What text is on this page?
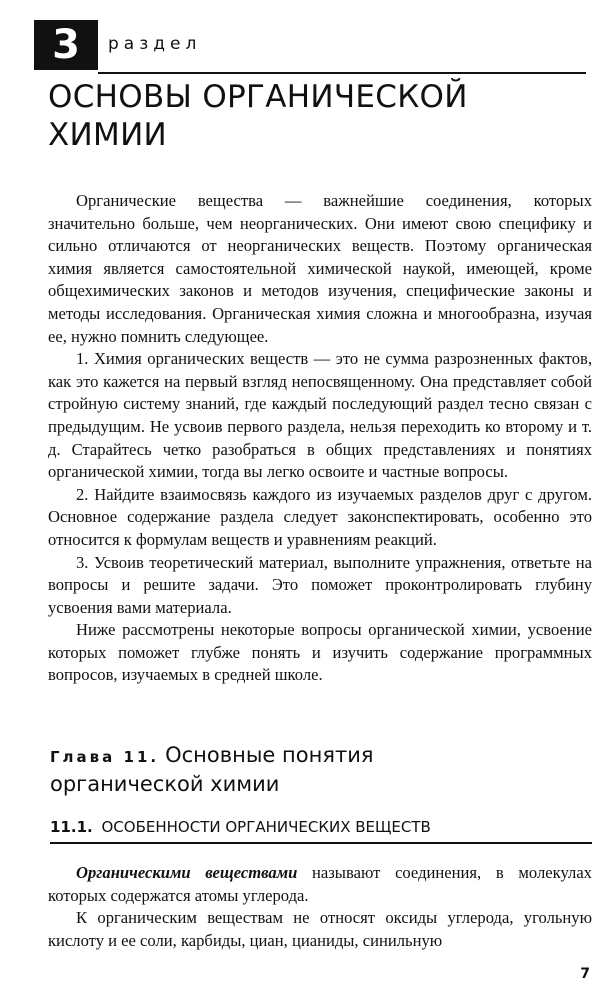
3	раздел
ОСНОВЫ ОРГАНИЧЕСКОЙ
ХИМИИ

Органические вещества — важнейшие соединения, которых значительно больше, чем неорганических. Они имеют свою специфику и сильно отличаются от неорганических веществ. Поэтому органическая химия является самостоятельной химической наукой, имеющей, кроме общехимических законов и методов изучения, специфические законы и методы исследования. Органическая химия сложна и многообразна, изучая ее, нужно помнить следующее.

1. Химия органических веществ — это не сумма разрозненных фактов, как это кажется на первый взгляд непосвященному. Она представляет собой стройную систему знаний, где каждый последующий раздел тесно связан с предыдущим. Не усвоив первого раздела, нельзя переходить ко второму и т. д. Старайтесь четко разобраться в общих представлениях и понятиях органической химии, тогда вы легко освоите и частные вопросы.

2. Найдите взаимосвязь каждого из изучаемых разделов друг с другом. Основное содержание раздела следует законспектировать, особенно это относится к формулам веществ и уравнениям реакций.

3. Усвоив теоретический материал, выполните упражнения, ответьте на вопросы и решите задачи. Это поможет проконтролировать глубину усвоения вами материала.

Ниже рассмотрены некоторые вопросы органической химии, усвоение которых поможет глубже понять и изучить содержание программных вопросов, изучаемых в средней школе.

Глава 11. Основные понятия
органической химии
11.1. ОСОБЕННОСТИ ОРГАНИЧЕСКИХ ВЕЩЕСТВ

Органическими веществами называют соединения, в молекулах которых содержатся атомы углерода.

К органическим веществам не относят оксиды углерода, угольную кислоту и ее соли, карбиды, циан, цианиды, синильную

7
